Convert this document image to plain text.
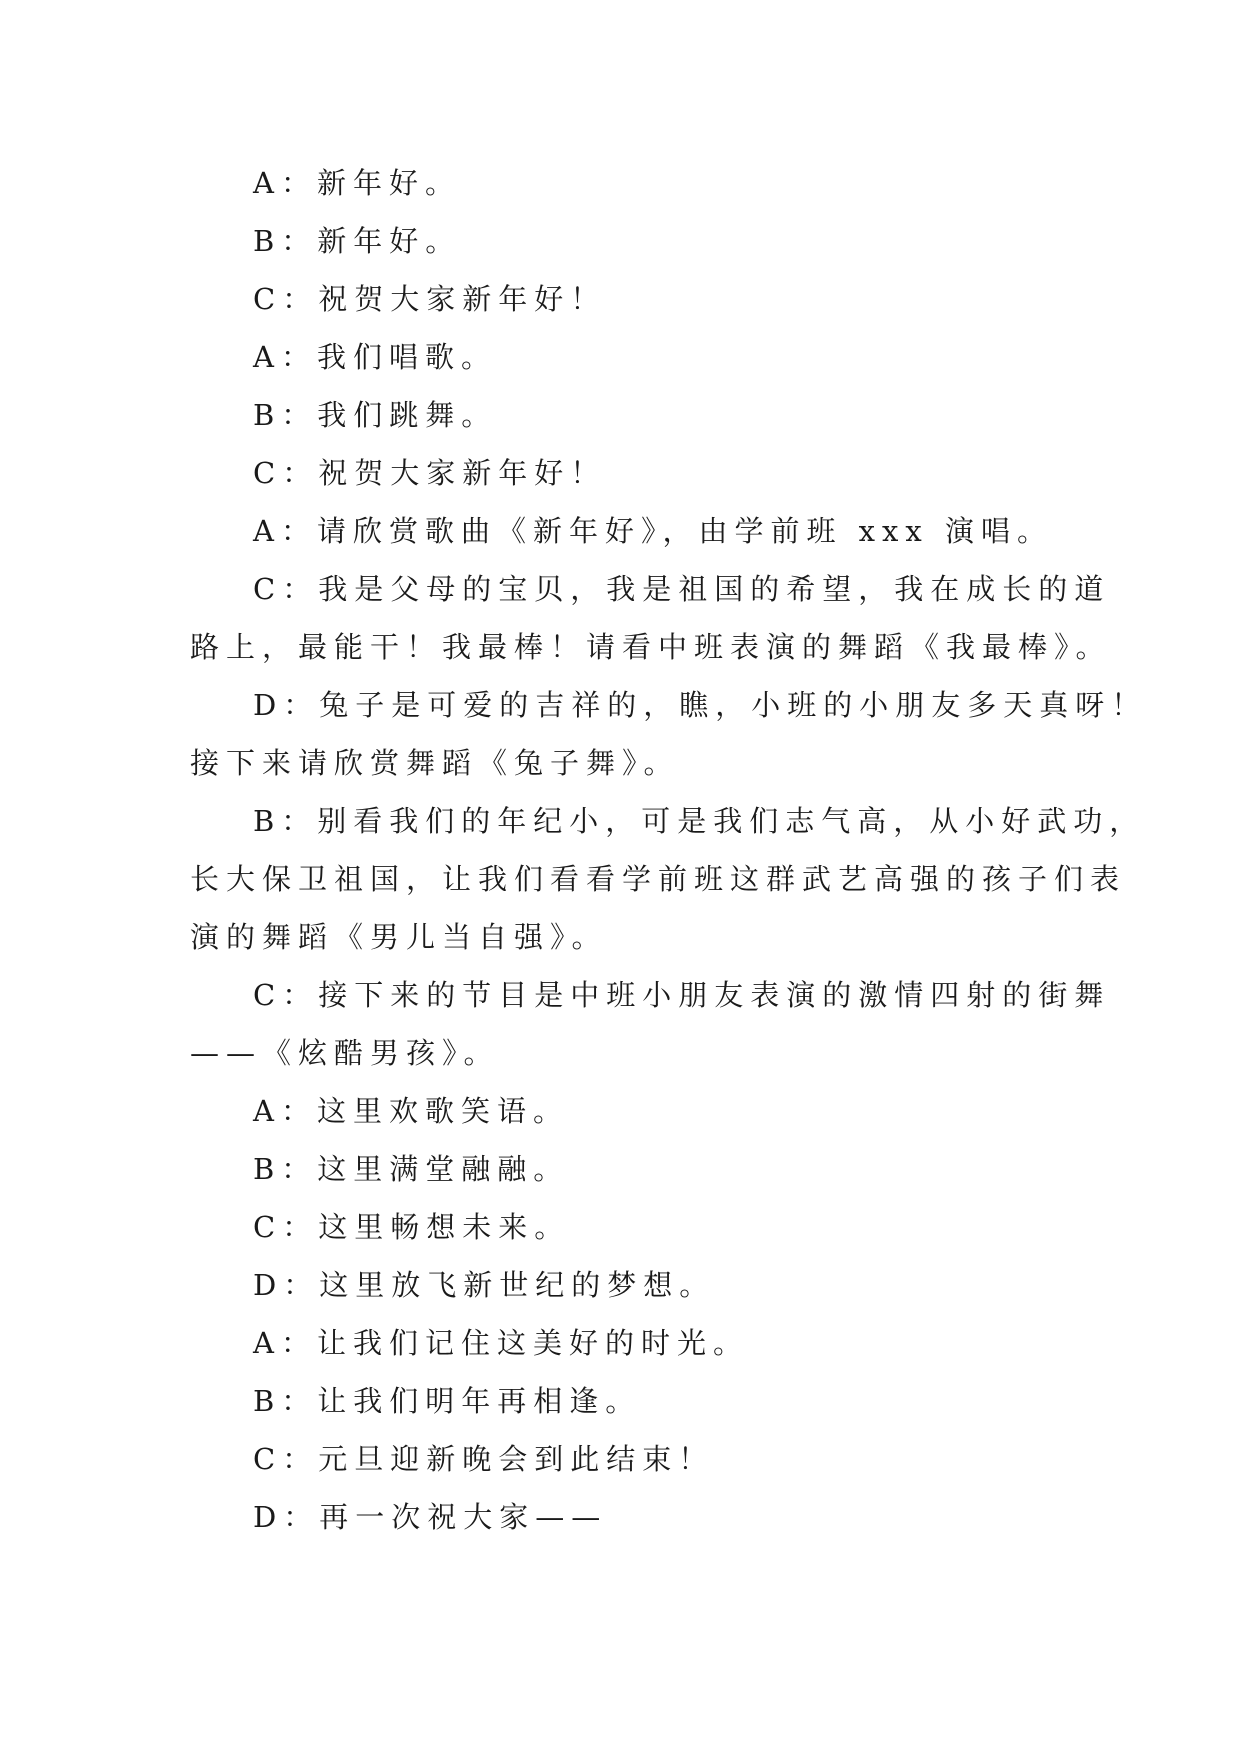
A：新年好。
B：新年好。
C：祝贺大家新年好！
A：我们唱歌。
B：我们跳舞。
C：祝贺大家新年好！
A：请欣赏歌曲《新年好》，由学前班 xxx 演唱。
C：我是父母的宝贝，我是祖国的希望，我在成长的道
路上，最能干！我最棒！请看中班表演的舞蹈《我最棒》。
D：兔子是可爱的吉祥的，瞧，小班的小朋友多天真呀！
接下来请欣赏舞蹈《兔子舞》。
B：别看我们的年纪小，可是我们志气高，从小好武功，
长大保卫祖国，让我们看看学前班这群武艺高强的孩子们表
演的舞蹈《男儿当自强》。
C：接下来的节目是中班小朋友表演的激情四射的街舞
——《炫酷男孩》。
A：这里欢歌笑语。
B：这里满堂融融。
C：这里畅想未来。
D：这里放飞新世纪的梦想。
A：让我们记住这美好的时光。
B：让我们明年再相逢。
C：元旦迎新晚会到此结束！
D：再一次祝大家——
